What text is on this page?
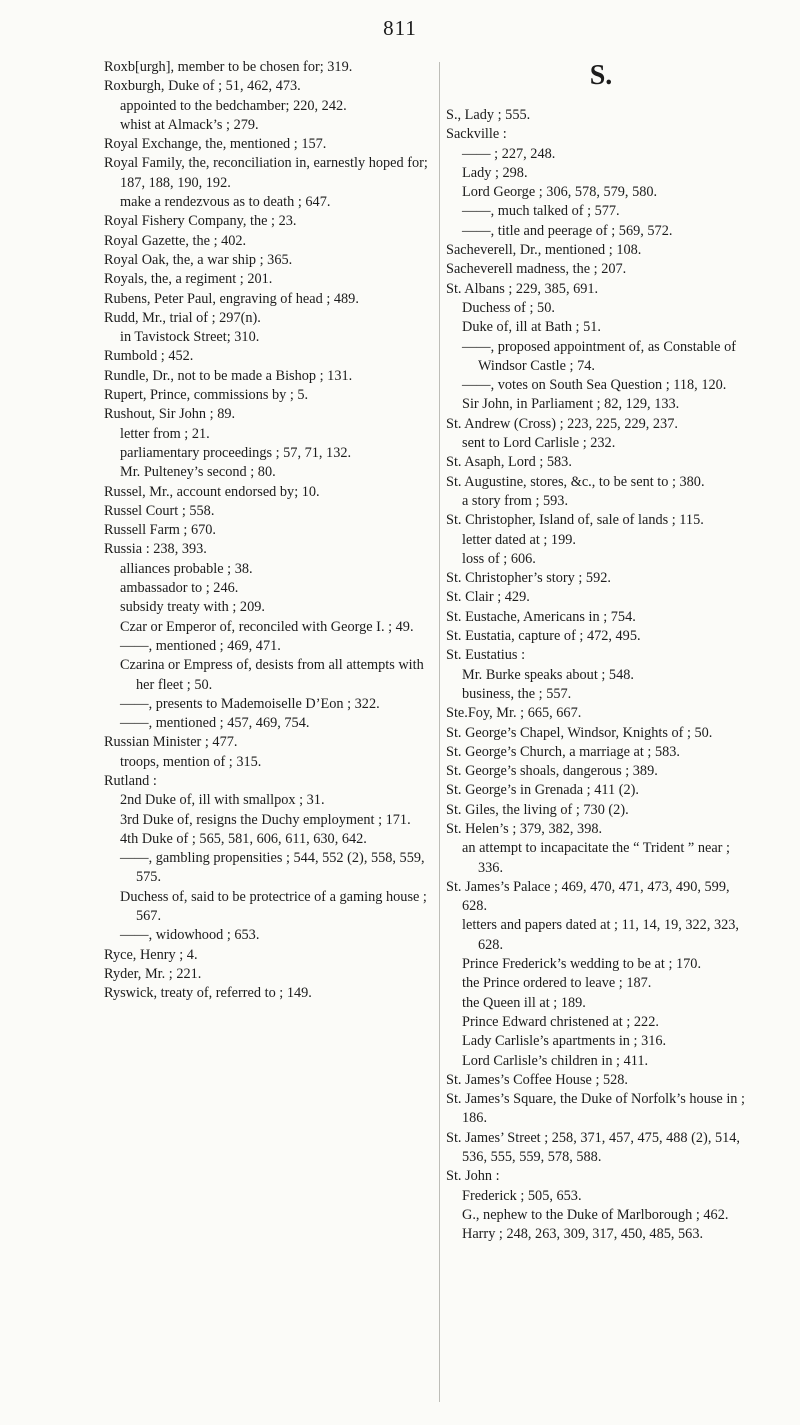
811
Roxb[urgh], member to be chosen for; 319.
Roxburgh, Duke of ; 51, 462, 473.
appointed to the bedchamber; 220, 242.
whist at Almack’s ; 279.
Royal Exchange, the, mentioned ; 157.
Royal Family, the, reconciliation in, earnestly hoped for; 187, 188, 190, 192.
make a rendezvous as to death ; 647.
Royal Fishery Company, the ; 23.
Royal Gazette, the ; 402.
Royal Oak, the, a war ship ; 365.
Royals, the, a regiment ; 201.
Rubens, Peter Paul, engraving of head ; 489.
Rudd, Mr., trial of ; 297(n).
in Tavistock Street; 310.
Rumbold ; 452.
Rundle, Dr., not to be made a Bishop ; 131.
Rupert, Prince, commissions by ; 5.
Rushout, Sir John ; 89.
letter from ; 21.
parliamentary proceedings ; 57, 71, 132.
Mr. Pulteney’s second ; 80.
Russel, Mr., account endorsed by; 10.
Russel Court ; 558.
Russell Farm ; 670.
Russia : 238, 393.
alliances probable ; 38.
ambassador to ; 246.
subsidy treaty with ; 209.
Czar or Emperor of, reconciled with George I. ; 49.
——, mentioned ; 469, 471.
Czarina or Empress of, desists from all attempts with her fleet ; 50.
——, presents to Mademoiselle D’Eon ; 322.
——, mentioned ; 457, 469, 754.
Russian Minister ; 477.
troops, mention of ; 315.
Rutland :
2nd Duke of, ill with smallpox ; 31.
3rd Duke of, resigns the Duchy employment ; 171.
4th Duke of ; 565, 581, 606, 611, 630, 642.
——, gambling propensities ; 544, 552 (2), 558, 559, 575.
Duchess of, said to be protectrice of a gaming house ; 567.
——, widowhood ; 653.
Ryce, Henry ; 4.
Ryder, Mr. ; 221.
Ryswick, treaty of, referred to ; 149.
S.
S., Lady ; 555.
Sackville :
—— ; 227, 248.
Lady ; 298.
Lord George ; 306, 578, 579, 580.
——, much talked of ; 577.
——, title and peerage of ; 569, 572.
Sacheverell, Dr., mentioned ; 108.
Sacheverell madness, the ; 207.
St. Albans ; 229, 385, 691.
Duchess of ; 50.
Duke of, ill at Bath ; 51.
——, proposed appointment of, as Constable of Windsor Castle ; 74.
——, votes on South Sea Question ; 118, 120.
Sir John, in Parliament ; 82, 129, 133.
St. Andrew (Cross) ; 223, 225, 229, 237.
sent to Lord Carlisle ; 232.
St. Asaph, Lord ; 583.
St. Augustine, stores, &c., to be sent to ; 380.
a story from ; 593.
St. Christopher, Island of, sale of lands ; 115.
letter dated at ; 199.
loss of ; 606.
St. Christopher’s story ; 592.
St. Clair ; 429.
St. Eustache, Americans in ; 754.
St. Eustatia, capture of ; 472, 495.
St. Eustatius :
Mr. Burke speaks about ; 548.
business, the ; 557.
Ste.Foy, Mr. ; 665, 667.
St. George’s Chapel, Windsor, Knights of ; 50.
St. George’s Church, a marriage at ; 583.
St. George’s shoals, dangerous ; 389.
St. George’s in Grenada ; 411 (2).
St. Giles, the living of ; 730 (2).
St. Helen’s ; 379, 382, 398.
an attempt to incapacitate the “ Trident ” near ; 336.
St. James’s Palace ; 469, 470, 471, 473, 490, 599, 628.
letters and papers dated at ; 11, 14, 19, 322, 323, 628.
Prince Frederick’s wedding to be at ; 170.
the Prince ordered to leave ; 187.
the Queen ill at ; 189.
Prince Edward christened at ; 222.
Lady Carlisle’s apartments in ; 316.
Lord Carlisle’s children in ; 411.
St. James’s Coffee House ; 528.
St. James’s Square, the Duke of Norfolk’s house in ; 186.
St. James’ Street ; 258, 371, 457, 475, 488 (2), 514, 536, 555, 559, 578, 588.
St. John :
Frederick ; 505, 653.
G., nephew to the Duke of Marlborough ; 462.
Harry ; 248, 263, 309, 317, 450, 485, 563.
